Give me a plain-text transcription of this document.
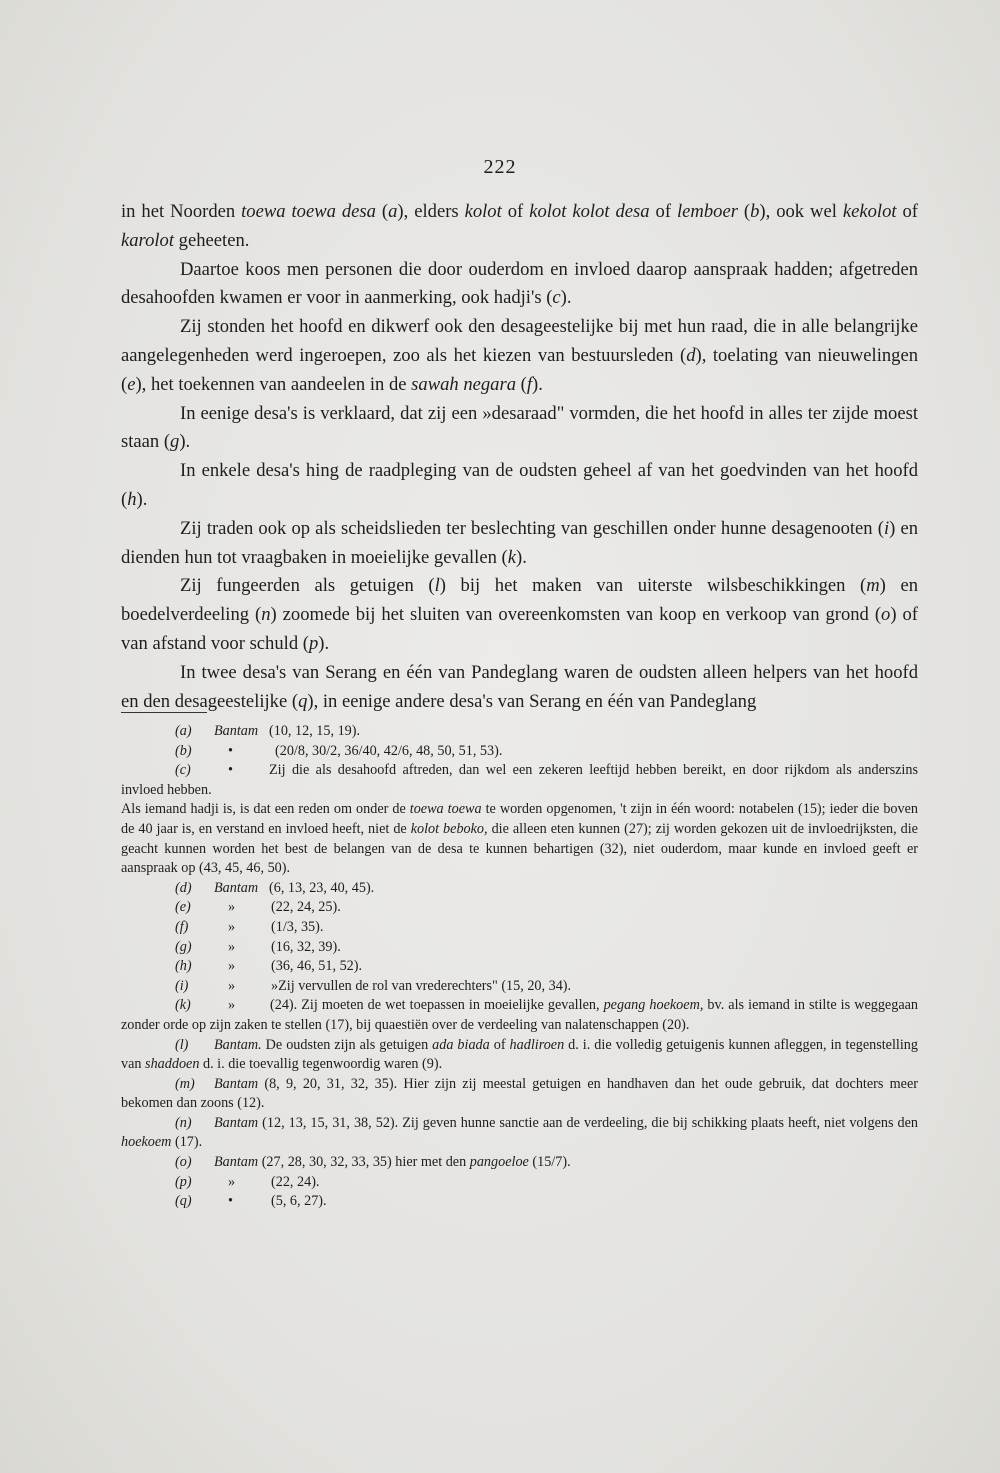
222

in het Noorden toewa toewa desa (a), elders kolot of kolot kolot desa of lemboer (b), ook wel kekolot of karolot geheeten.

Daartoe koos men personen die door ouderdom en invloed daarop aanspraak hadden; afgetreden desahoofden kwamen er voor in aanmerking, ook hadji's (c).

Zij stonden het hoofd en dikwerf ook den desageestelijke bij met hun raad, die in alle belangrijke aangelegenheden werd ingeroepen, zoo als het kiezen van bestuursleden (d), toelating van nieuwelingen (e), het toekennen van aandeelen in de sawah negara (f).

In eenige desa's is verklaard, dat zij een »desaraad" vormden, die het hoofd in alles ter zijde moest staan (g).

In enkele desa's hing de raadpleging van de oudsten geheel af van het goedvinden van het hoofd (h).

Zij traden ook op als scheidslieden ter beslechting van geschillen onder hunne desagenooten (i) en dienden hun tot vraagbaken in moeielijke gevallen (k).

Zij fungeerden als getuigen (l) bij het maken van uiterste wilsbeschikkingen (m) en boedelverdeeling (n) zoomede bij het sluiten van overeenkomsten van koop en verkoop van grond (o) of van afstand voor schuld (p).

In twee desa's van Serang en één van Pandeglang waren de oudsten alleen helpers van het hoofd en den desageestelijke (q), in eenige andere desa's van Serang en één van Pandeglang

(a) Bantam (10, 12, 15, 19).
(b)	•	(20/8, 30/2, 36/40, 42/6, 48, 50, 51, 53).
(c)	•	Zij die als desahoofd aftreden, dan wel een zekeren leeftijd hebben bereikt, en door rijkdom als anderszins invloed hebben.
Als iemand hadji is, is dat een reden om onder de toewa toewa te worden opgenomen, 't zijn in één woord: notabelen (15); ieder die boven de 40 jaar is, en verstand en invloed heeft, niet de kolot beboko, die alleen eten kunnen (27); zij worden gekozen uit de invloedrijksten, die geacht kunnen worden het best de belangen van de desa te kunnen behartigen (32), niet ouderdom, maar kunde en invloed geeft er aanspraak op (43, 45, 46, 50).
(d) Bantam (6, 13, 23, 40, 45).
(e)	»	(22, 24, 25).
(f)	»	(1/3, 35).
(g)	»	(16, 32, 39).
(h)	»	(36, 46, 51, 52).
(i)	»	»Zij vervullen de rol van vrederechters" (15, 20, 34).
(k)	» (24). Zij moeten de wet toepassen in moeielijke gevallen, pegang hoekoem, bv. als iemand in stilte is weggegaan zonder orde op zijn zaken te stellen (17), bij quaestiën over de verdeeling van nalatenschappen (20).
(l) Bantam. De oudsten zijn als getuigen ada biada of hadliroen d. i. die volledig getuigenis kunnen afleggen, in tegenstelling van shaddoen d. i. die toevallig tegenwoordig waren (9).
(m) Bantam (8, 9, 20, 31, 32, 35). Hier zijn zij meestal getuigen en handhaven dan het oude gebruik, dat dochters meer bekomen dan zoons (12).
(n) Bantam (12, 13, 15, 31, 38, 52). Zij geven hunne sanctie aan de verdeeling, die bij schikking plaats heeft, niet volgens den hoekoem (17).
(o) Bantam (27, 28, 30, 32, 33, 35) hier met den pangoeloe (15/7).
(p)	»	(22, 24).
(q)	•	(5, 6, 27).
